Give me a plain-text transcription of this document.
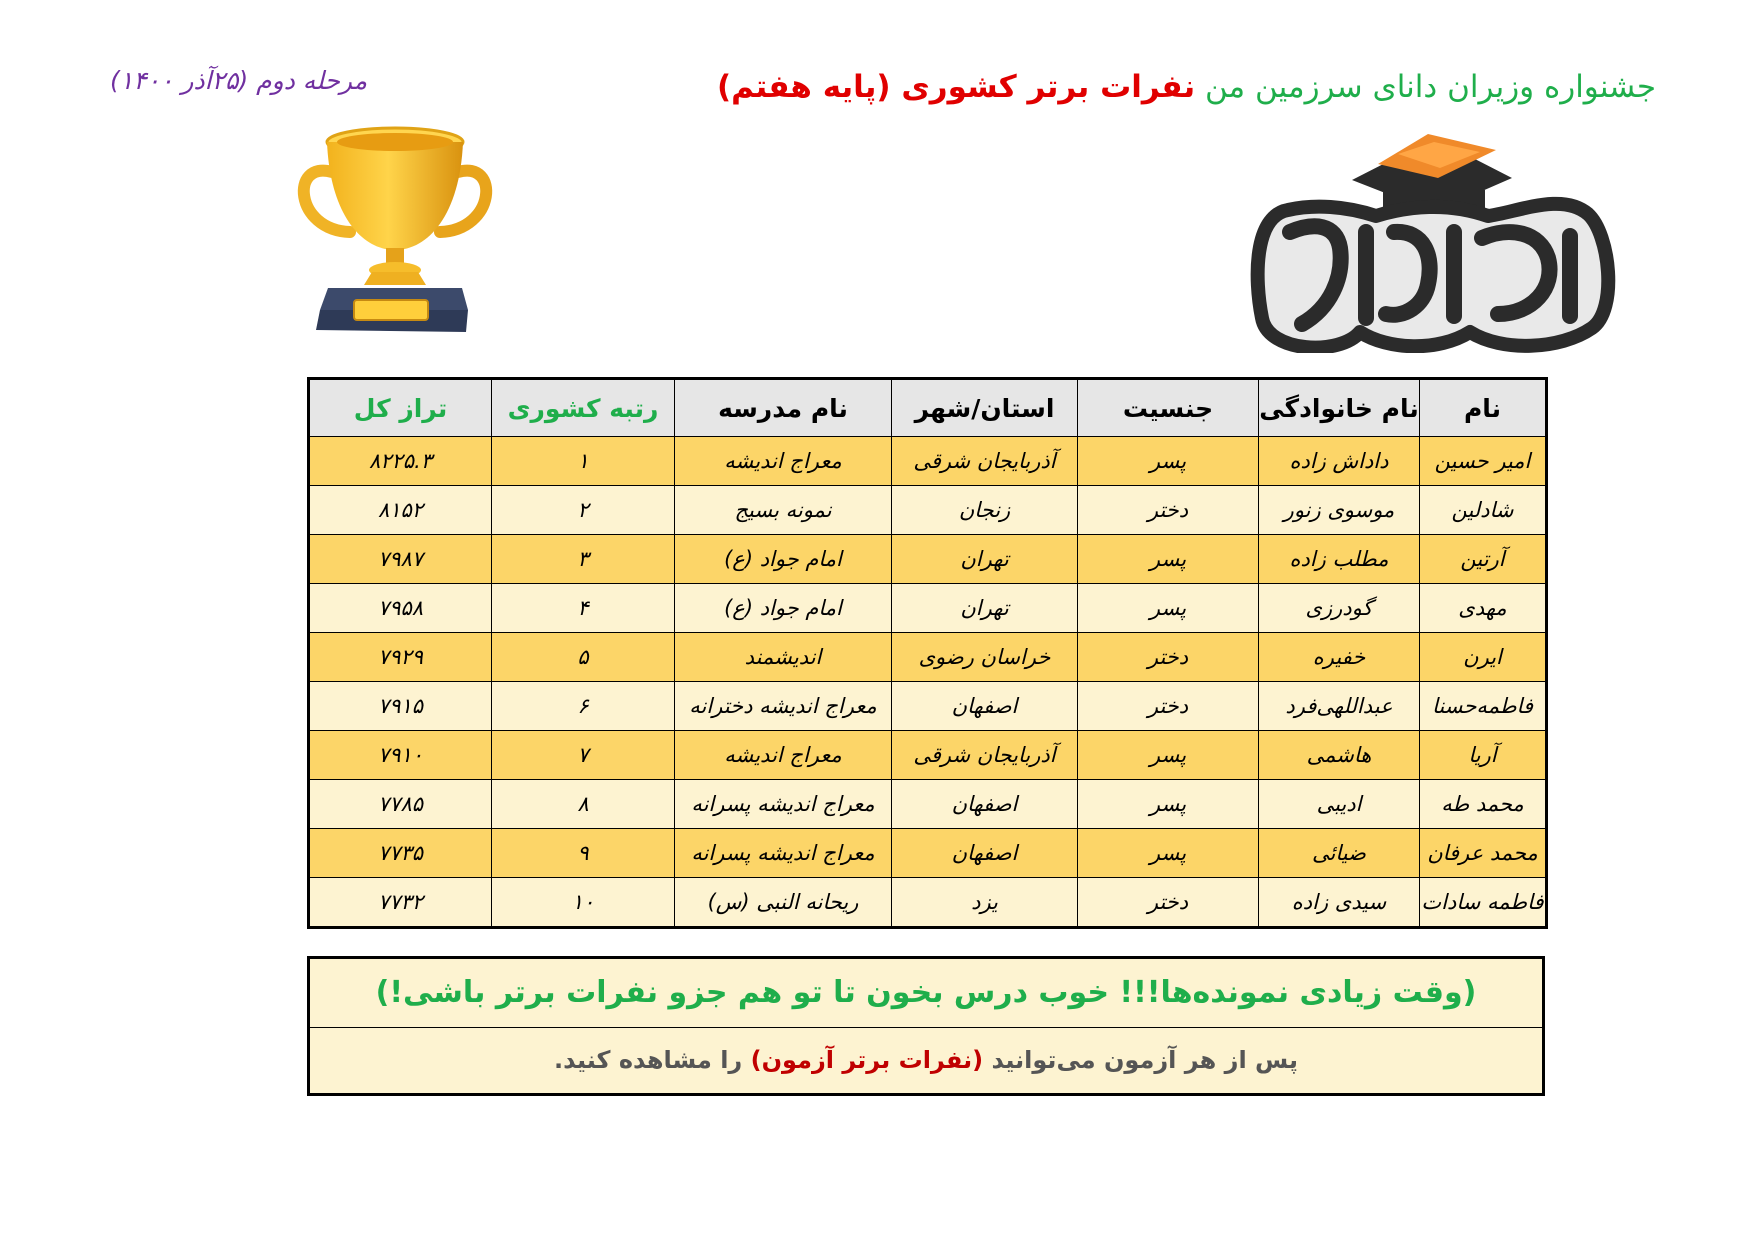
جشنواره وزیران دانای سرزمین من نفرات برتر کشوری (پایه هفتم)
مرحله دوم (۲۵آذر ۱۴۰۰)
نام	نام خانوادگی	جنسیت	استان/شهر	نام مدرسه	رتبه کشوری	تراز کل
امیر حسین	داداش زاده	پسر	آذربایجان شرقی	معراج اندیشه	۱	۸۲۲۵.۳
شادلین	موسوی زنور	دختر	زنجان	نمونه بسیج	۲	۸۱۵۲
آرتین	مطلب زاده	پسر	تهران	امام جواد (ع)	۳	۷۹۸۷
مهدی	گودرزی	پسر	تهران	امام جواد (ع)	۴	۷۹۵۸
ایرن	خفیره	دختر	خراسان رضوی	اندیشمند	۵	۷۹۲۹
فاطمه‌حسنا	عبداللهی‌فرد	دختر	اصفهان	معراج اندیشه دخترانه	۶	۷۹۱۵
آریا	هاشمی	پسر	آذربایجان شرقی	معراج اندیشه	۷	۷۹۱۰
محمد طه	ادیبی	پسر	اصفهان	معراج اندیشه پسرانه	۸	۷۷۸۵
محمد عرفان	ضیائی	پسر	اصفهان	معراج اندیشه پسرانه	۹	۷۷۳۵
فاطمه سادات	سیدی زاده	دختر	یزد	ریحانه النبی (س)	۱۰	۷۷۳۲
(وقت زیادی نمونده‌ها!!! خوب درس بخون تا تو هم جزو نفرات برتر باشی!)
پس از هر آزمون می‌توانید (نفرات برتر آزمون) را مشاهده کنید.
